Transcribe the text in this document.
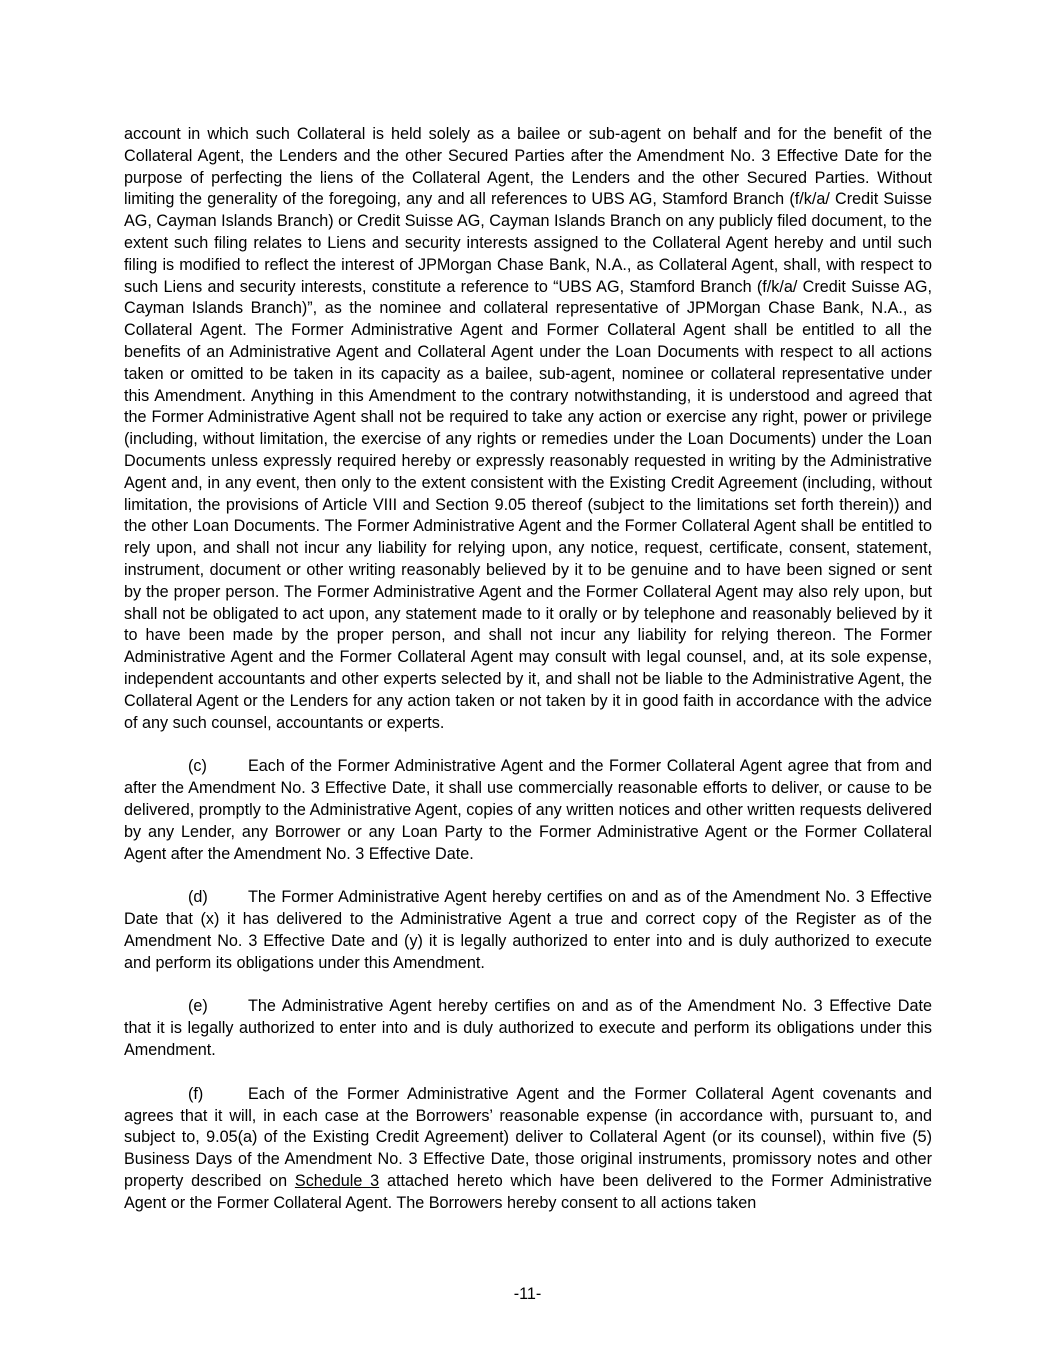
account in which such Collateral is held solely as a bailee or sub-agent on behalf and for the benefit of the Collateral Agent, the Lenders and the other Secured Parties after the Amendment No. 3 Effective Date for the purpose of perfecting the liens of the Collateral Agent, the Lenders and the other Secured Parties. Without limiting the generality of the foregoing, any and all references to UBS AG, Stamford Branch (f/k/a/ Credit Suisse AG, Cayman Islands Branch) or Credit Suisse AG, Cayman Islands Branch on any publicly filed document, to the extent such filing relates to Liens and security interests assigned to the Collateral Agent hereby and until such filing is modified to reflect the interest of JPMorgan Chase Bank, N.A., as Collateral Agent, shall, with respect to such Liens and security interests, constitute a reference to “UBS AG, Stamford Branch (f/k/a/ Credit Suisse AG, Cayman Islands Branch)”, as the nominee and collateral representative of JPMorgan Chase Bank, N.A., as Collateral Agent. The Former Administrative Agent and Former Collateral Agent shall be entitled to all the benefits of an Administrative Agent and Collateral Agent under the Loan Documents with respect to all actions taken or omitted to be taken in its capacity as a bailee, sub-agent, nominee or collateral representative under this Amendment. Anything in this Amendment to the contrary notwithstanding, it is understood and agreed that the Former Administrative Agent shall not be required to take any action or exercise any right, power or privilege (including, without limitation, the exercise of any rights or remedies under the Loan Documents) under the Loan Documents unless expressly required hereby or expressly reasonably requested in writing by the Administrative Agent and, in any event, then only to the extent consistent with the Existing Credit Agreement (including, without limitation, the provisions of Article VIII and Section 9.05 thereof (subject to the limitations set forth therein)) and the other Loan Documents. The Former Administrative Agent and the Former Collateral Agent shall be entitled to rely upon, and shall not incur any liability for relying upon, any notice, request, certificate, consent, statement, instrument, document or other writing reasonably believed by it to be genuine and to have been signed or sent by the proper person. The Former Administrative Agent and the Former Collateral Agent may also rely upon, but shall not be obligated to act upon, any statement made to it orally or by telephone and reasonably believed by it to have been made by the proper person, and shall not incur any liability for relying thereon. The Former Administrative Agent and the Former Collateral Agent may consult with legal counsel, and, at its sole expense, independent accountants and other experts selected by it, and shall not be liable to the Administrative Agent, the Collateral Agent or the Lenders for any action taken or not taken by it in good faith in accordance with the advice of any such counsel, accountants or experts.

(c)	Each of the Former Administrative Agent and the Former Collateral Agent agree that from and after the Amendment No. 3 Effective Date, it shall use commercially reasonable efforts to deliver, or cause to be delivered, promptly to the Administrative Agent, copies of any written notices and other written requests delivered by any Lender, any Borrower or any Loan Party to the Former Administrative Agent or the Former Collateral Agent after the Amendment No. 3 Effective Date.

(d) The Former Administrative Agent hereby certifies on and as of the Amendment No. 3 Effective Date that (x) it has delivered to the Administrative Agent a true and correct copy of the Register as of the Amendment No. 3 Effective Date and (y) it is legally authorized to enter into and is duly authorized to execute and perform its obligations under this Amendment.

(e) The Administrative Agent hereby certifies on and as of the Amendment No. 3 Effective Date that it is legally authorized to enter into and is duly authorized to execute and perform its obligations under this Amendment.

(f)	Each of the Former Administrative Agent and the Former Collateral Agent covenants and agrees that it will, in each case at the Borrowers’ reasonable expense (in accordance with, pursuant to, and subject to, 9.05(a) of the Existing Credit Agreement) deliver to Collateral Agent (or its counsel), within five (5) Business Days of the Amendment No. 3 Effective Date, those original instruments, promissory notes and other property described on Schedule 3 attached hereto which have been delivered to the Former Administrative Agent or the Former Collateral Agent. The Borrowers hereby consent to all actions taken

-11-
